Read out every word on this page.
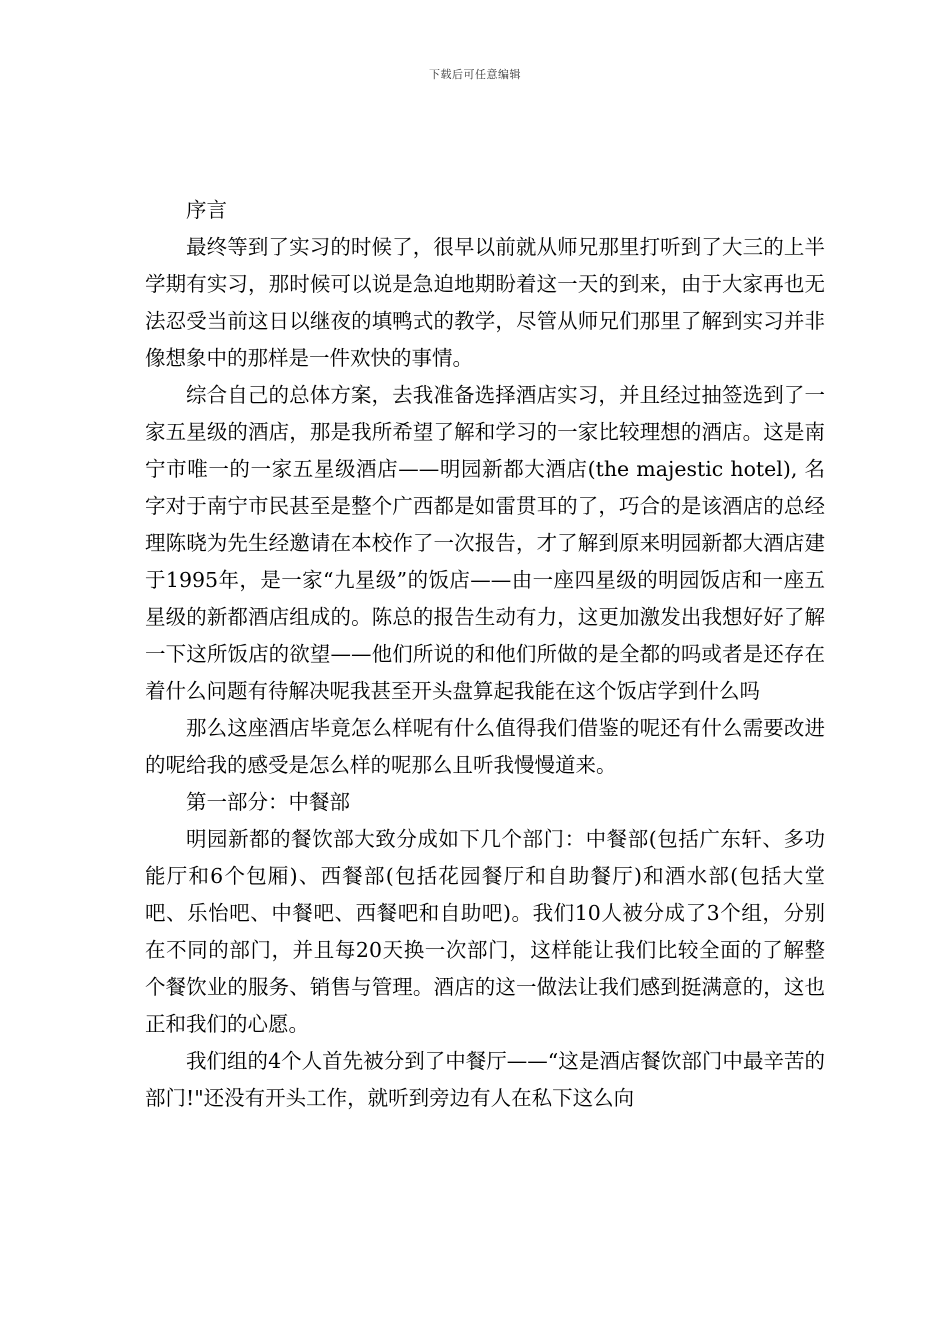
下载后可任意编辑

序言

最终等到了实习的时候了，很早以前就从师兄那里打听到了大三的上半学期有实习，那时候可以说是急迫地期盼着这一天的到来，由于大家再也无法忍受当前这日以继夜的填鸭式的教学，尽管从师兄们那里了解到实习并非像想象中的那样是一件欢快的事情。

综合自己的总体方案，去我准备选择酒店实习，并且经过抽签选到了一家五星级的酒店，那是我所希望了解和学习的一家比较理想的酒店。这是南宁市唯一的一家五星级酒店——明园新都大酒店(the majestic hotel), 名字对于南宁市民甚至是整个广西都是如雷贯耳的了，巧合的是该酒店的总经理陈晓为先生经邀请在本校作了一次报告，才了解到原来明园新都大酒店建于1995年，是一家“九星级”的饭店——由一座四星级的明园饭店和一座五星级的新都酒店组成的。陈总的报告生动有力，这更加激发出我想好好了解一下这所饭店的欲望——他们所说的和他们所做的是全都的吗或者是还存在着什么问题有待解决呢我甚至开头盘算起我能在这个饭店学到什么吗

那么这座酒店毕竟怎么样呢有什么值得我们借鉴的呢还有什么需要改进的呢给我的感受是怎么样的呢那么且听我慢慢道来。

第一部分：中餐部

明园新都的餐饮部大致分成如下几个部门：中餐部(包括广东轩、多功能厅和6个包厢)、西餐部(包括花园餐厅和自助餐厅)和酒水部(包括大堂吧、乐怡吧、中餐吧、西餐吧和自助吧)。我们10人被分成了3个组，分别在不同的部门，并且每20天换一次部门，这样能让我们比较全面的了解整个餐饮业的服务、销售与管理。酒店的这一做法让我们感到挺满意的，这也正和我们的心愿。

我们组的4个人首先被分到了中餐厅——“这是酒店餐饮部门中最辛苦的部门!"还没有开头工作，就听到旁边有人在私下这么向
